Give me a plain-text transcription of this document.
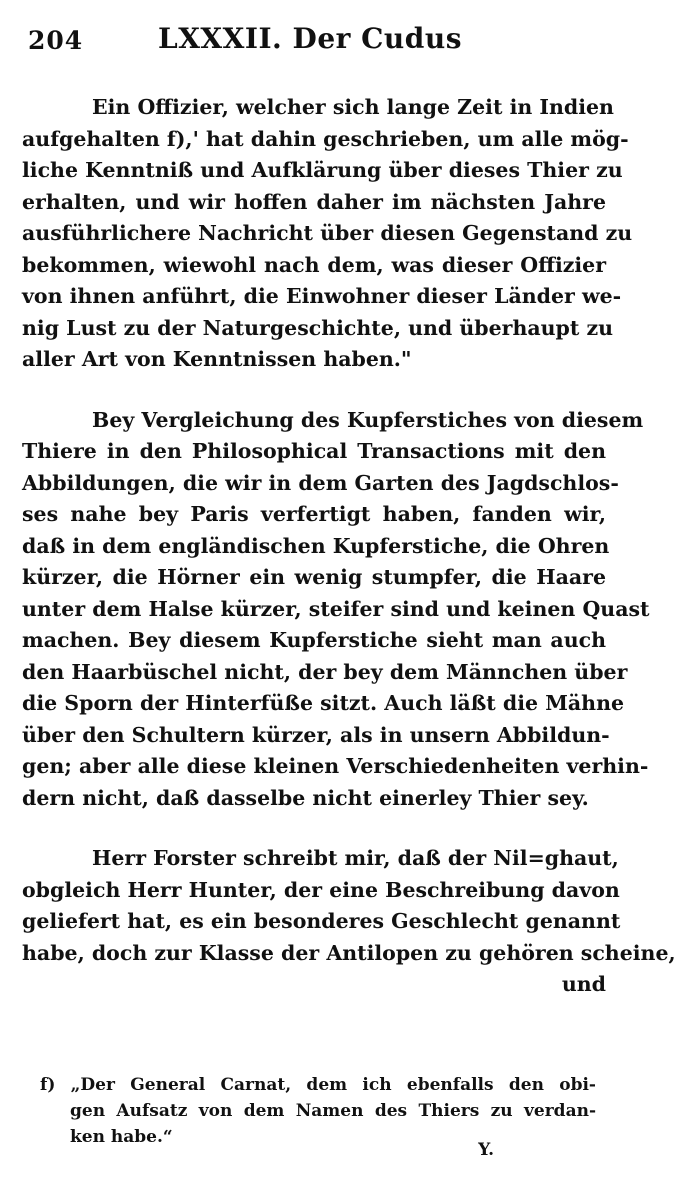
204	LXXXII. Der Cudus
Ein Offizier, welcher sich lange Zeit in Indien
aufgehalten f),' hat dahin geschrieben, um alle mög-
liche Kenntniß und Aufklärung über dieses Thier zu
erhalten, und wir hoffen daher im nächsten Jahre
ausführlichere Nachricht über diesen Gegenstand zu
bekommen, wiewohl nach dem, was dieser Offizier
von ihnen anführt, die Einwohner dieser Länder we-
nig Lust zu der Naturgeschichte, und überhaupt zu
aller Art von Kenntnissen haben."
Bey Vergleichung des Kupferstiches von diesem
Thiere in den Philosophical Transactions mit den
Abbildungen, die wir in dem Garten des Jagdschlos-
ses nahe bey Paris verfertigt haben, fanden wir,
daß in dem engländischen Kupferstiche, die Ohren
kürzer, die Hörner ein wenig stumpfer, die Haare
unter dem Halse kürzer, steifer sind und keinen Quast
machen. Bey diesem Kupferstiche sieht man auch
den Haarbüschel nicht, der bey dem Männchen über
die Sporn der Hinterfüße sitzt. Auch läßt die Mähne
über den Schultern kürzer, als in unsern Abbildun-
gen; aber alle diese kleinen Verschiedenheiten verhin-
dern nicht, daß dasselbe nicht einerley Thier sey.
Herr Forster schreibt mir, daß der Nil=ghaut,
obgleich Herr Hunter, der eine Beschreibung davon
geliefert hat, es ein besonderes Geschlecht genannt
habe, doch zur Klasse der Antilopen zu gehören scheine,
und
f) „Der General Carnat, dem ich ebenfalls den obi-
gen Aufsatz von dem Namen des Thiers zu verdan-
ken habe.“
Y.
